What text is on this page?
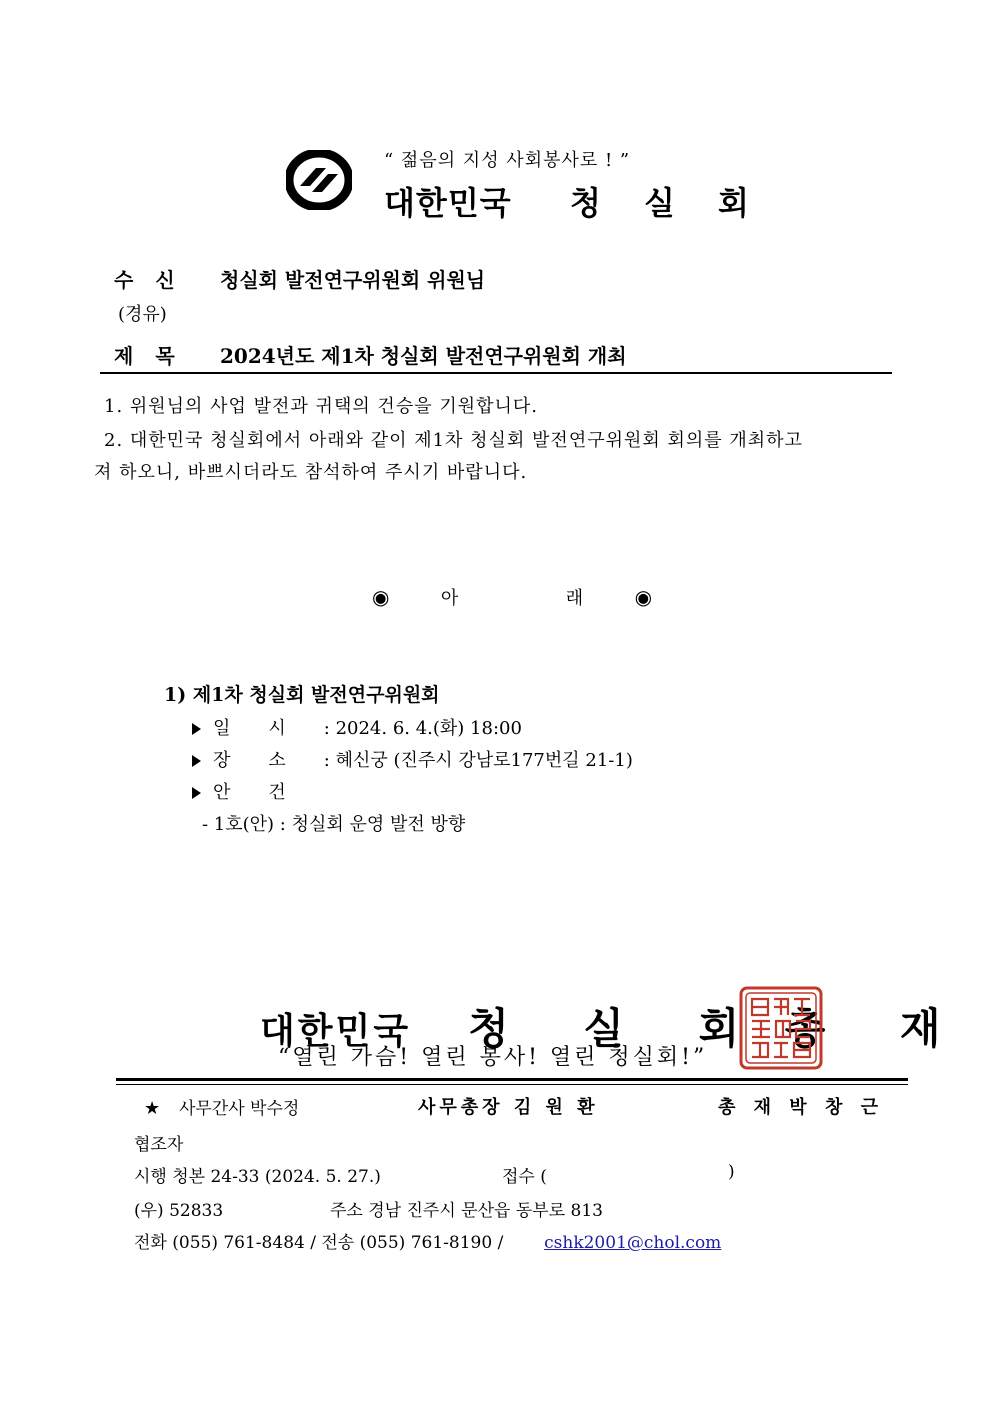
“ 젊음의 지성 사회봉사로 ! ”
대한민국 청 실 회
수신 청실회 발전연구위원회 위원님
(경유)
제목 2024년도 제1차 청실회 발전연구위원회 개최
1. 위원님의 사업 발전과 귀택의 건승을 기원합니다.
2. 대한민국 청실회에서 아래와 같이 제1차 청실회 발전연구위원회 회의를 개최하고
져 하오니, 바쁘시더라도 참석하여 주시기 바랍니다.
◉	아	래	◉
1) 제1차 청실회 발전연구위원회
일시: 2024. 6. 4.(화) 18:00
장소: 혜신궁 (진주시 강남로177번길 21-1)
안건
- 1호(안) : 청실회 운영 발전 방향
대한민국 청 실 회 총 재
“열린 가슴! 열린 봉사! 열린 청실회!”
★ 사무간사 박수정	사무총장 김 원 환	총 재 박 창 근
협조자
시행 청본 24-33 (2024. 5. 27.)	접수 (	)
(우) 52833	주소 경남 진주시 문산읍 동부로 813
전화 (055) 761-8484 / 전송 (055) 761-8190 / cshk2001@chol.com
